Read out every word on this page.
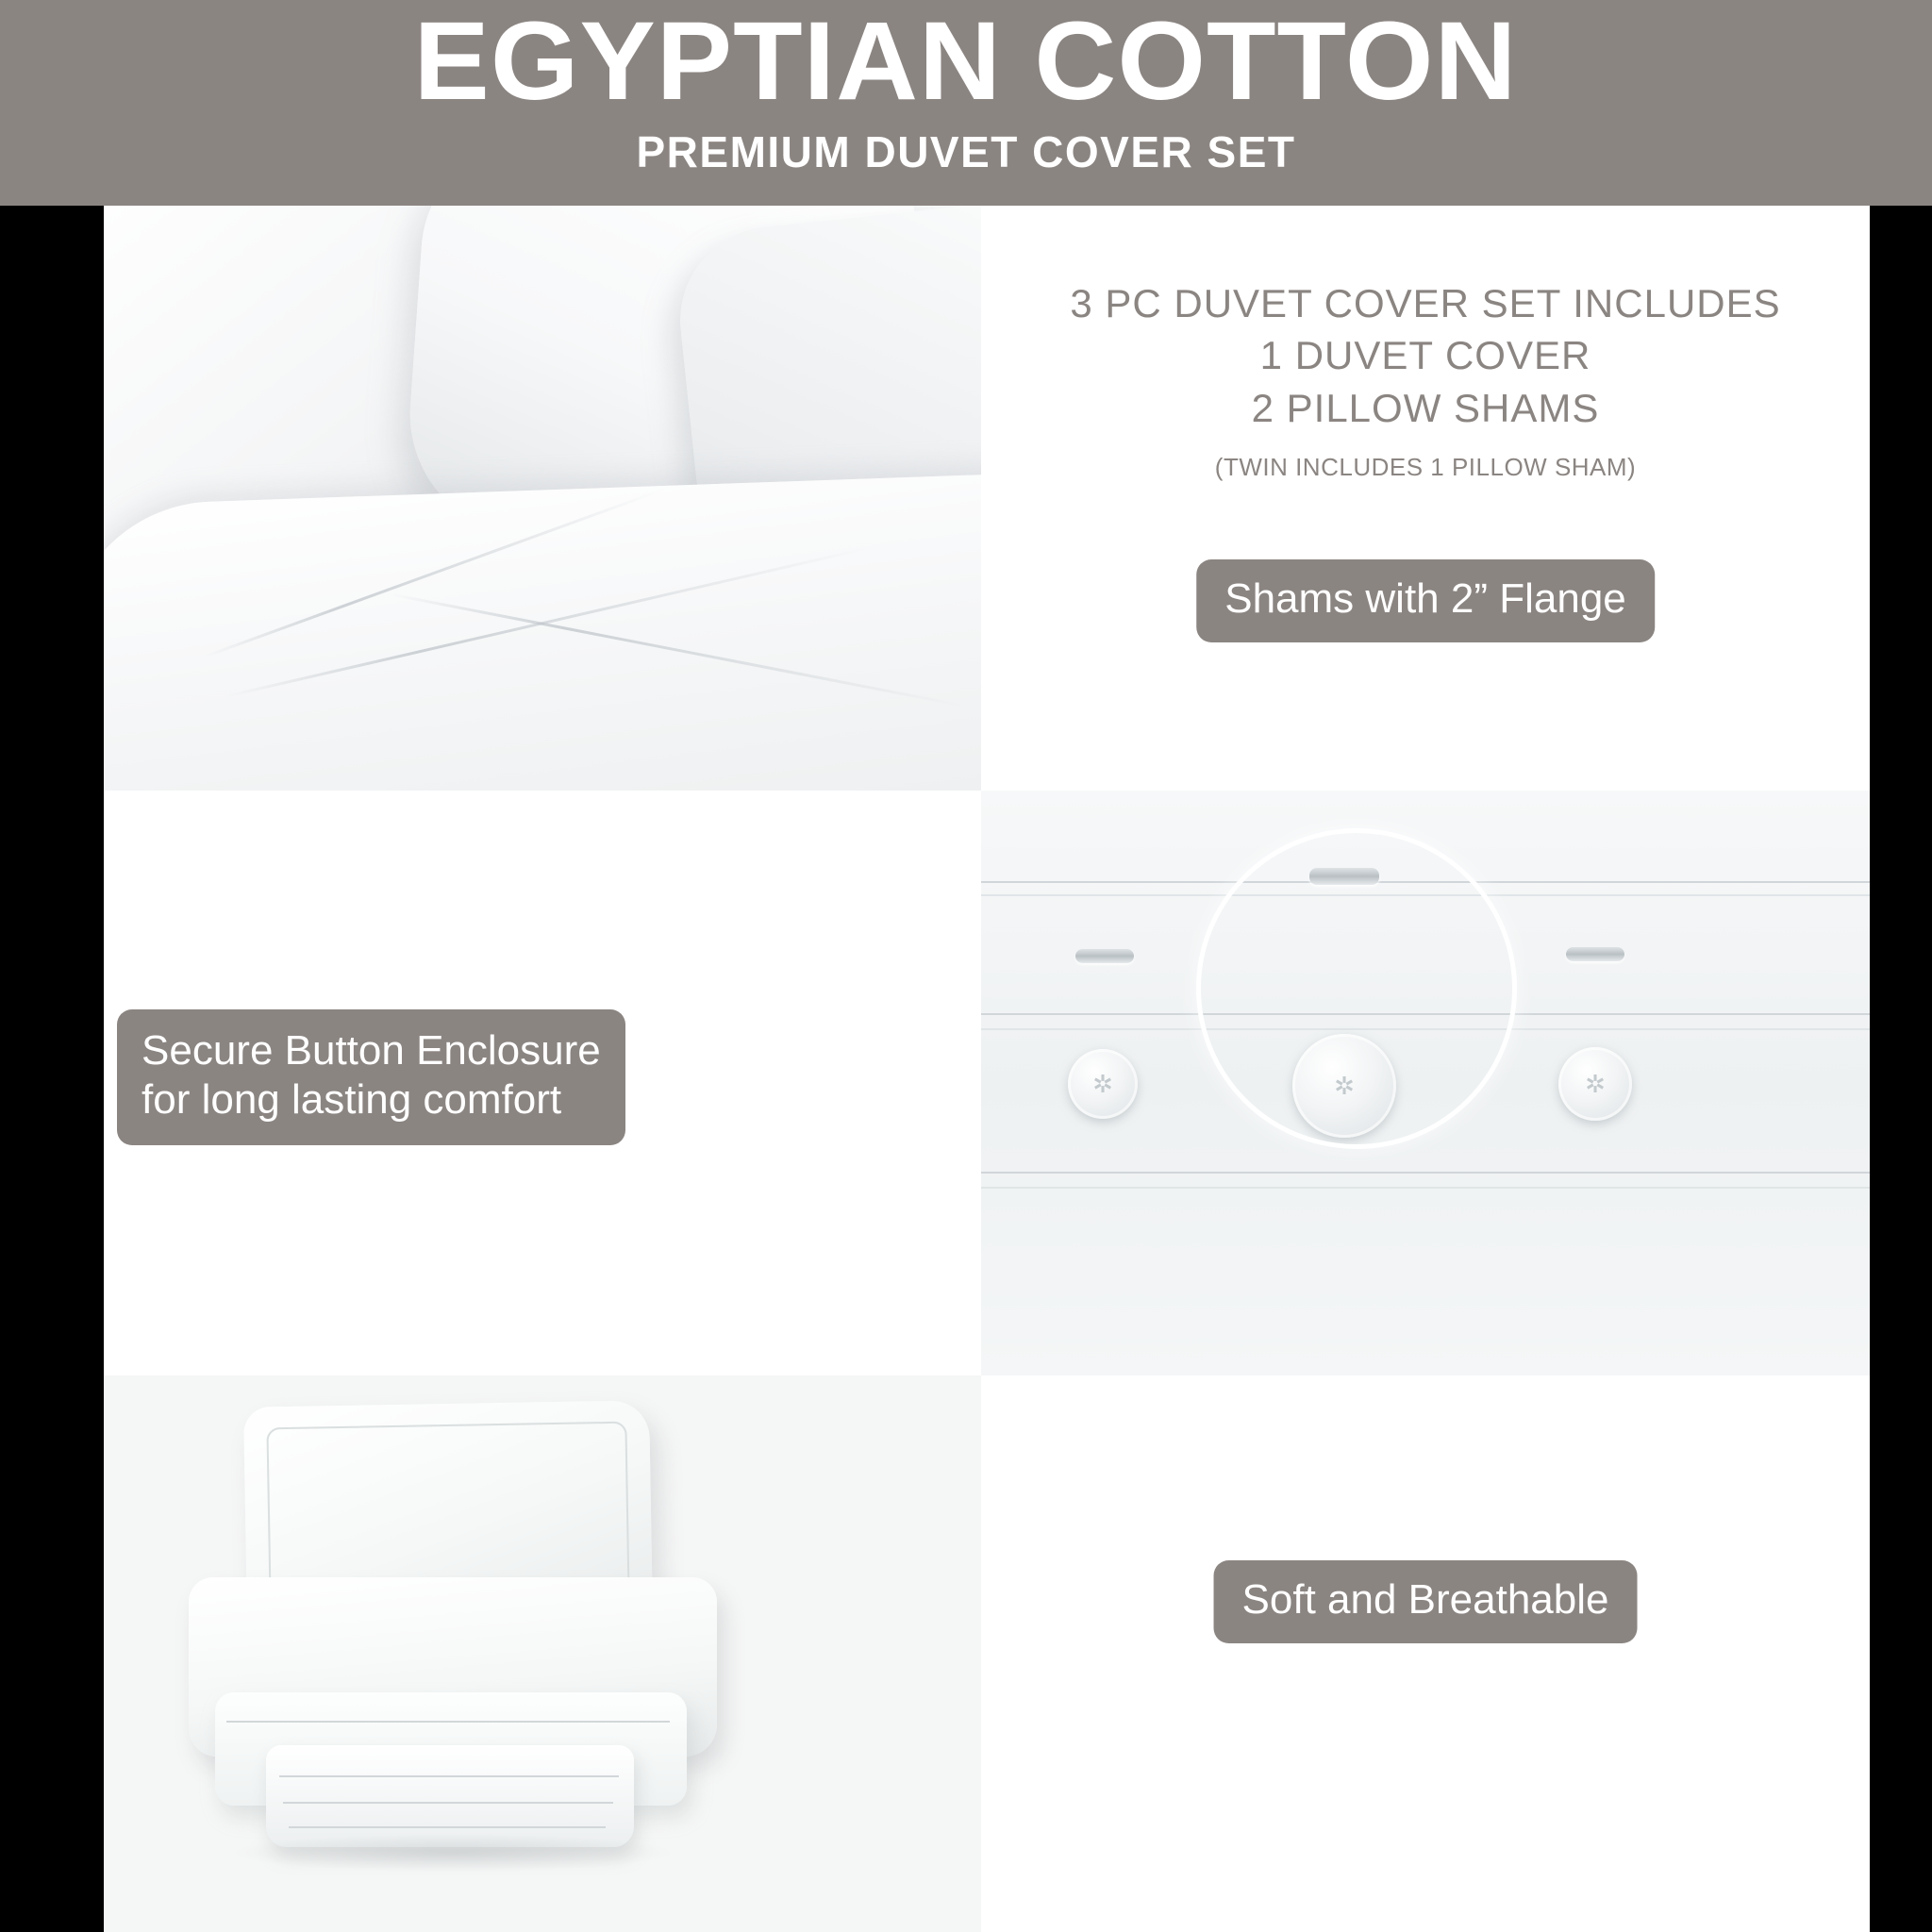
EGYPTIAN COTTON
PREMIUM DUVET COVER SET
3 PC DUVET COVER SET INCLUDES
1 DUVET COVER
2 PILLOW SHAMS
(TWIN INCLUDES 1 PILLOW SHAM)
Shams with 2” Flange
Secure Button Enclosure
for long lasting comfort	✲	✲	✲
Soft and Breathable
